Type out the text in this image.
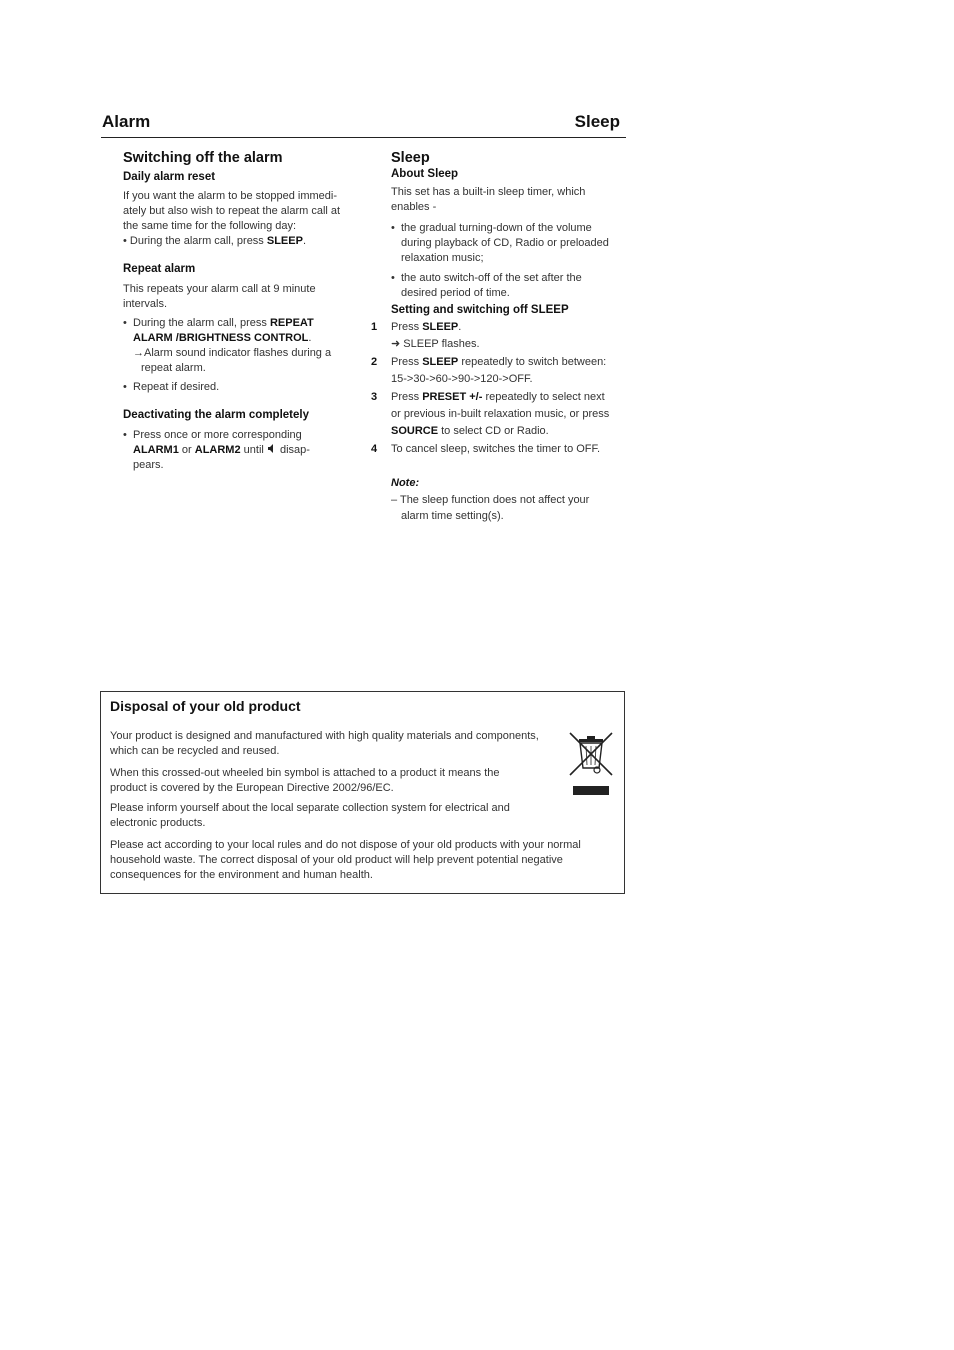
Alarm	Sleep
Switching off the alarm
Daily alarm reset

If you want the alarm to be stopped immedi-

ately but also wish to repeat the alarm call at

the same time for the following day:

• During the alarm call, press SLEEP.

Repeat alarm

This repeats your alarm call at 9 minute

intervals.

• During the alarm call, press REPEAT

ALARM /BRIGHTNESS CONTROL.

→Alarm sound indicator flashes during a

repeat alarm.

• Repeat if desired.

Deactivating the alarm completely
• Press once or more corresponding

ALARM1 or ALARM2 until  disap-

pears.

Sleep
About Sleep

This set has a built-in sleep timer, which

enables -

• the gradual turning-down of the volume

during playback of CD, Radio or preloaded

relaxation music;

• the auto switch-off of the set after the

desired period of time.

Setting and switching off SLEEP
1 Press SLEEP.

➜ SLEEP flashes.

2 Press SLEEP repeatedly to switch between:

15->30->60->90->120->OFF.

3 Press PRESET +/- repeatedly to select next

or previous in-built relaxation music, or press

SOURCE to select CD or Radio.

4 To cancel sleep, switches the timer to OFF.

Note:

– The sleep function does not affect your

alarm time setting(s).

Disposal of your old product

Your product is designed and manufactured with high quality materials and components,

which can be recycled and reused.

When this crossed-out wheeled bin symbol is attached to a product it means the

product is covered by the European Directive 2002/96/EC.

Please inform yourself about the local separate collection system for electrical and

electronic products.

Please act according to your local rules and do not dispose of your old products with your normal

household waste. The correct disposal of your old product will help prevent potential negative

consequences for the environment and human health.
